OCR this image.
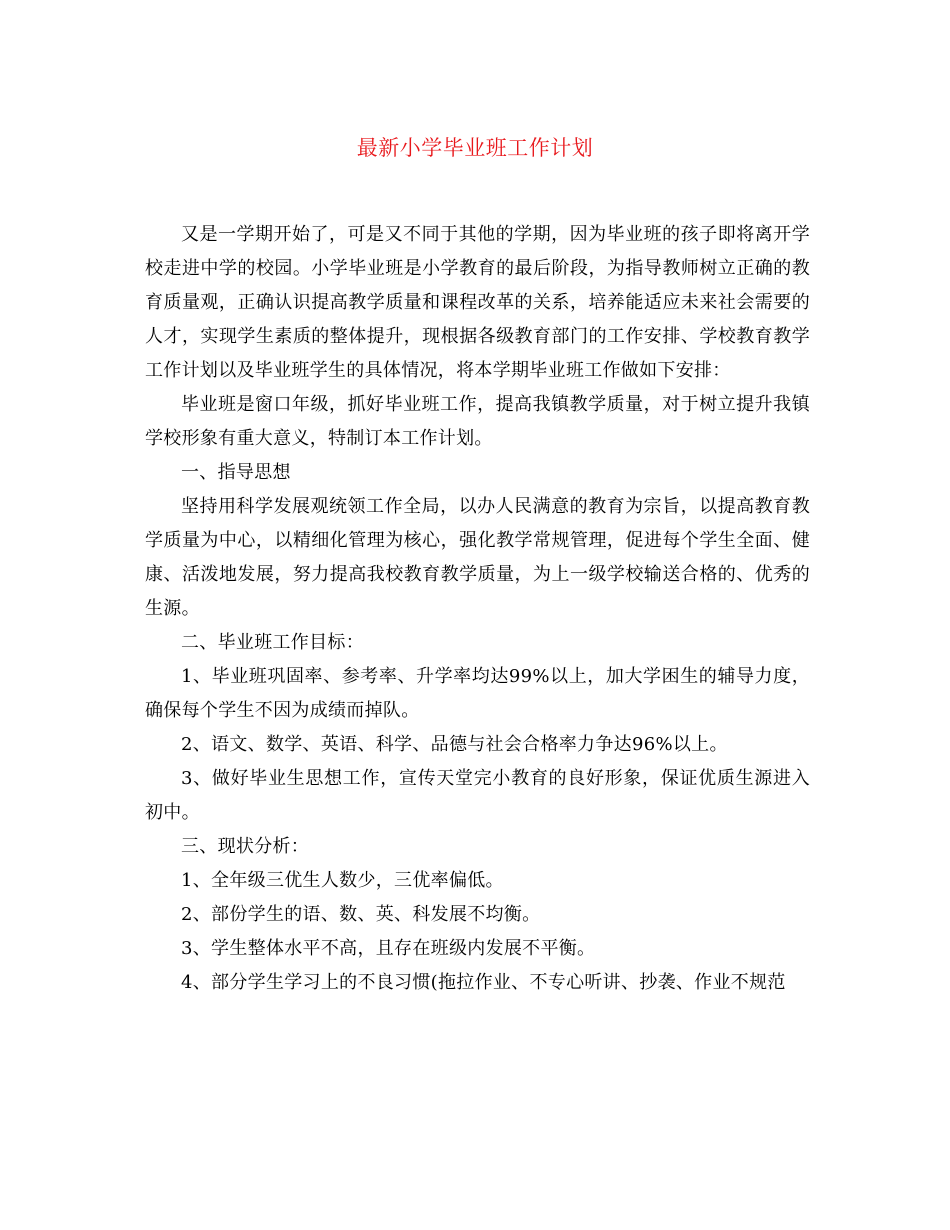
最新小学毕业班工作计划

又是一学期开始了，可是又不同于其他的学期，因为毕业班的孩子即将离开学校走进中学的校园。小学毕业班是小学教育的最后阶段，为指导教师树立正确的教育质量观，正确认识提高教学质量和课程改革的关系，培养能适应未来社会需要的人才，实现学生素质的整体提升，现根据各级教育部门的工作安排、学校教育教学工作计划以及毕业班学生的具体情况，将本学期毕业班工作做如下安排：

毕业班是窗口年级，抓好毕业班工作，提高我镇教学质量，对于树立提升我镇学校形象有重大意义，特制订本工作计划。

一、指导思想

坚持用科学发展观统领工作全局，以办人民满意的教育为宗旨，以提高教育教学质量为中心，以精细化管理为核心，强化教学常规管理，促进每个学生全面、健康、活泼地发展，努力提高我校教育教学质量，为上一级学校输送合格的、优秀的生源。

二、毕业班工作目标：

1、毕业班巩固率、参考率、升学率均达99%以上，加大学困生的辅导力度，确保每个学生不因为成绩而掉队。

2、语文、数学、英语、科学、品德与社会合格率力争达96%以上。

3、做好毕业生思想工作，宣传天堂完小教育的良好形象，保证优质生源进入初中。

三、现状分析：

1、全年级三优生人数少，三优率偏低。

2、部份学生的语、数、英、科发展不均衡。

3、学生整体水平不高，且存在班级内发展不平衡。

4、部分学生学习上的不良习惯(拖拉作业、不专心听讲、抄袭、作业不规范
